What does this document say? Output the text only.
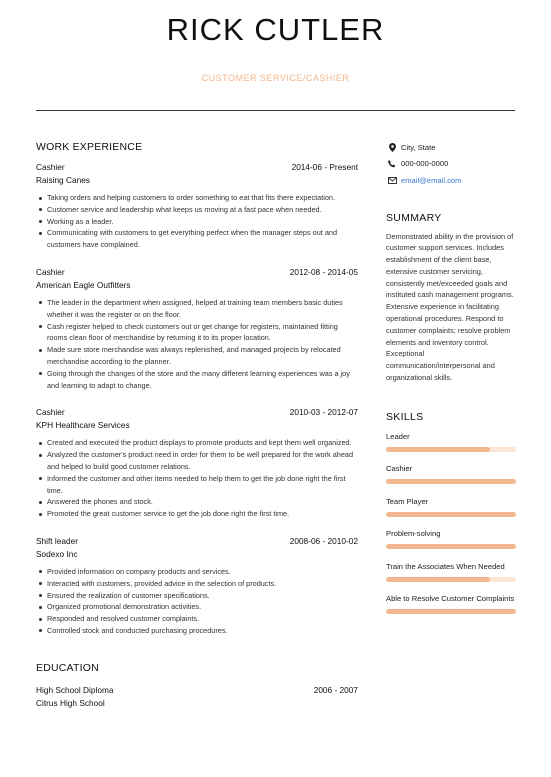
RICK CUTLER
CUSTOMER SERVICE/CASHIER
WORK EXPERIENCE
Cashier	2014-06 - Present
Raising Canes
Taking orders and helping customers to order something to eat that fits there expectation.
Customer service and leadership what keeps us moving at a fast pace when needed.
Working as a leader.
Communicating with customers to get everything perfect when the manager steps out and customers have complained.
Cashier	2012-08 - 2014-05
American Eagle Outfitters
The leader in the department when assigned, helped at training team members basic duties whether it was the register or on the floor.
Cash register helped to check customers out or get change for registers, maintained fitting rooms clean floor of merchandise by returning it to its proper location.
Made sure store merchandise was always replenished, and managed projects by relocated merchandise according to the planner.
Going through the changes of the store and the many different learning experiences was a joy and learning to adapt to change.
Cashier	2010-03 - 2012-07
KPH Healthcare Services
Created and executed the product displays to promote products and kept them well organized.
Analyzed the customer's product need in order for them to be well prepared for the work ahead and helped to build good customer relations.
Informed the customer and other items needed to help them to get the job done right the first time.
Answered the phones and stock.
Promoted the great customer service to get the job done right the first time.
Shift leader	2008-06 - 2010-02
Sodexo Inc
Provided information on company products and services.
Interacted with customers, provided advice in the selection of products.
Ensured the realization of customer specifications.
Organized promotional demonstration activities.
Responded and resolved customer complaints.
Controlled stock and conducted purchasing procedures.
EDUCATION
High School Diploma	2006 - 2007
Citrus High School
City, State
000-000-0000
email@email.com
SUMMARY
Demonstrated ability in the provision of customer support services. Includes establishment of the client base, extensive customer servicing, consistently met/exceeded goals and instituted cash management programs. Extensive experience in facilitating operational procedures. Respond to customer complaints; resolve problem elements and inventory control. Exceptional communication/interpersonal and organizational skills.
SKILLS
Leader
Cashier
Team Player
Problem-solving
Train the Associates When Needed
Able to Resolve Customer Complaints
